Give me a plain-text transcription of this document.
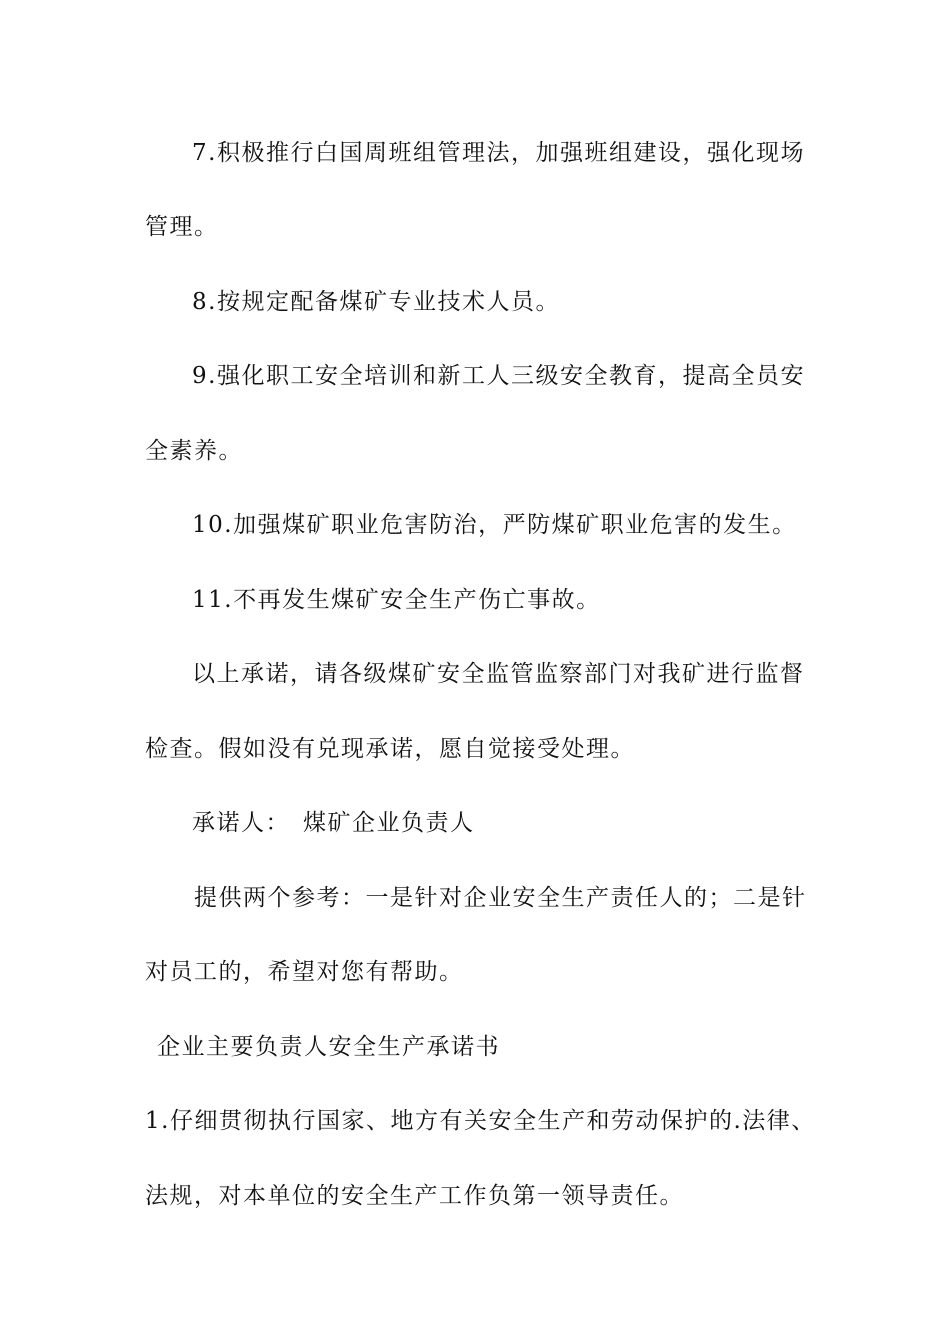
7.积极推行白国周班组管理法，加强班组建设，强化现场
管理。
8.按规定配备煤矿专业技术人员。
9.强化职工安全培训和新工人三级安全教育，提高全员安
全素养。
10.加强煤矿职业危害防治，严防煤矿职业危害的发生。
11.不再发生煤矿安全生产伤亡事故。
以上承诺，请各级煤矿安全监管监察部门对我矿进行监督
检查。假如没有兑现承诺，愿自觉接受处理。
承诺人：　煤矿企业负责人
提供两个参考：一是针对企业安全生产责任人的；二是针
对员工的，希望对您有帮助。
企业主要负责人安全生产承诺书
1.仔细贯彻执行国家、地方有关安全生产和劳动保护的.法律、
法规，对本单位的安全生产工作负第一领导责任。
